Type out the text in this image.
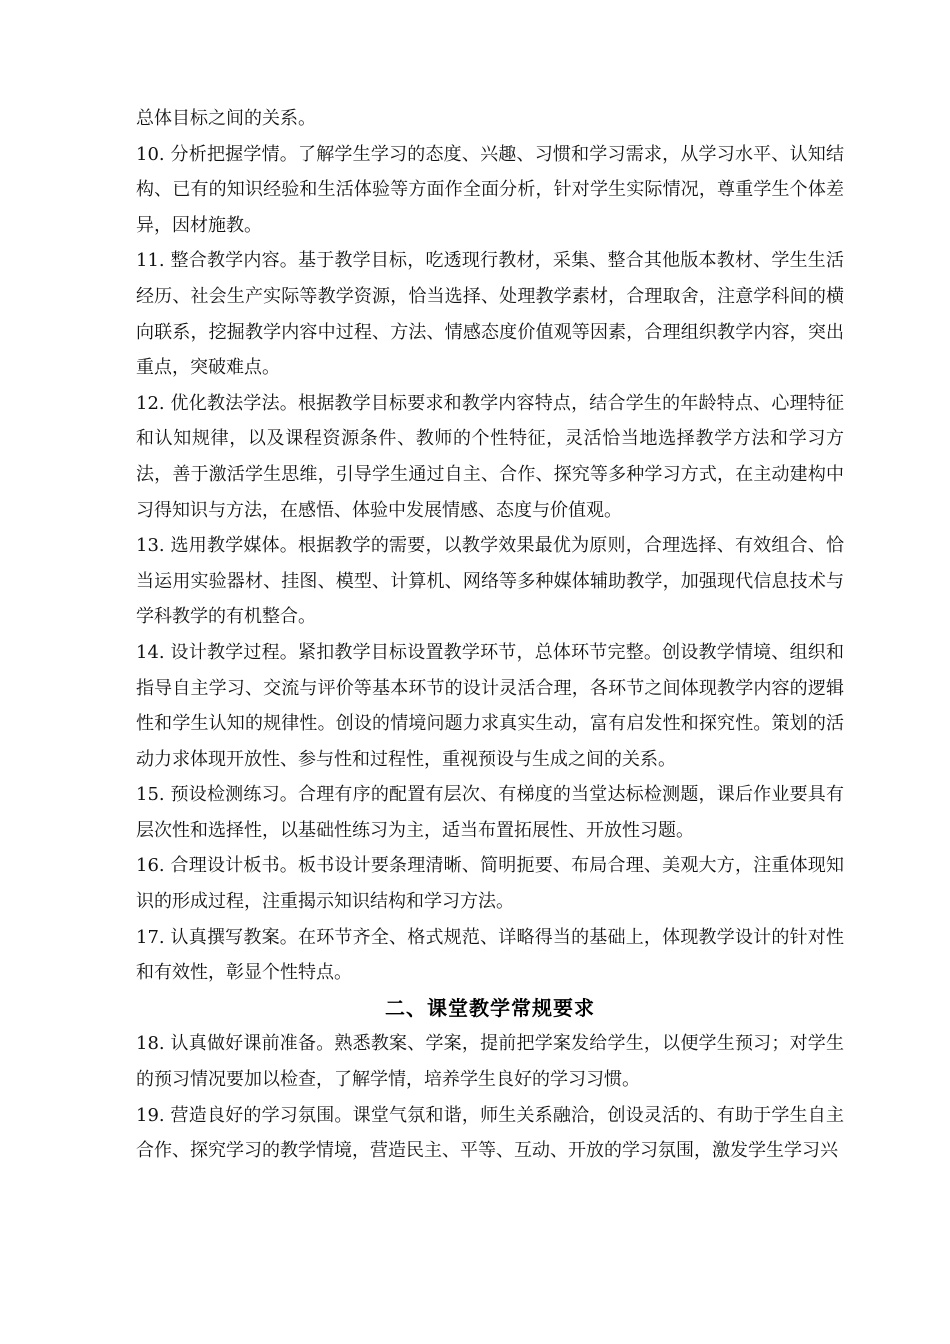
总体目标之间的关系。

10. 分析把握学情。了解学生学习的态度、兴趣、习惯和学习需求，从学习水平、认知结构、已有的知识经验和生活体验等方面作全面分析，针对学生实际情况，尊重学生个体差异，因材施教。

11. 整合教学内容。基于教学目标，吃透现行教材，采集、整合其他版本教材、学生生活经历、社会生产实际等教学资源，恰当选择、处理教学素材，合理取舍，注意学科间的横向联系，挖掘教学内容中过程、方法、情感态度价值观等因素，合理组织教学内容，突出重点，突破难点。

12. 优化教法学法。根据教学目标要求和教学内容特点，结合学生的年龄特点、心理特征和认知规律，以及课程资源条件、教师的个性特征，灵活恰当地选择教学方法和学习方法，善于激活学生思维，引导学生通过自主、合作、探究等多种学习方式，在主动建构中习得知识与方法，在感悟、体验中发展情感、态度与价值观。

13. 选用教学媒体。根据教学的需要，以教学效果最优为原则，合理选择、有效组合、恰当运用实验器材、挂图、模型、计算机、网络等多种媒体辅助教学，加强现代信息技术与学科教学的有机整合。

14. 设计教学过程。紧扣教学目标设置教学环节，总体环节完整。创设教学情境、组织和指导自主学习、交流与评价等基本环节的设计灵活合理，各环节之间体现教学内容的逻辑性和学生认知的规律性。创设的情境问题力求真实生动，富有启发性和探究性。策划的活动力求体现开放性、参与性和过程性，重视预设与生成之间的关系。

15. 预设检测练习。合理有序的配置有层次、有梯度的当堂达标检测题，课后作业要具有层次性和选择性，以基础性练习为主，适当布置拓展性、开放性习题。

16. 合理设计板书。板书设计要条理清晰、简明扼要、布局合理、美观大方，注重体现知识的形成过程，注重揭示知识结构和学习方法。

17. 认真撰写教案。在环节齐全、格式规范、详略得当的基础上，体现教学设计的针对性和有效性，彰显个性特点。

二、课堂教学常规要求

18. 认真做好课前准备。熟悉教案、学案，提前把学案发给学生，以便学生预习；对学生的预习情况要加以检查，了解学情，培养学生良好的学习习惯。

19. 营造良好的学习氛围。课堂气氛和谐，师生关系融洽，创设灵活的、有助于学生自主合作、探究学习的教学情境，营造民主、平等、互动、开放的学习氛围，激发学生学习兴
